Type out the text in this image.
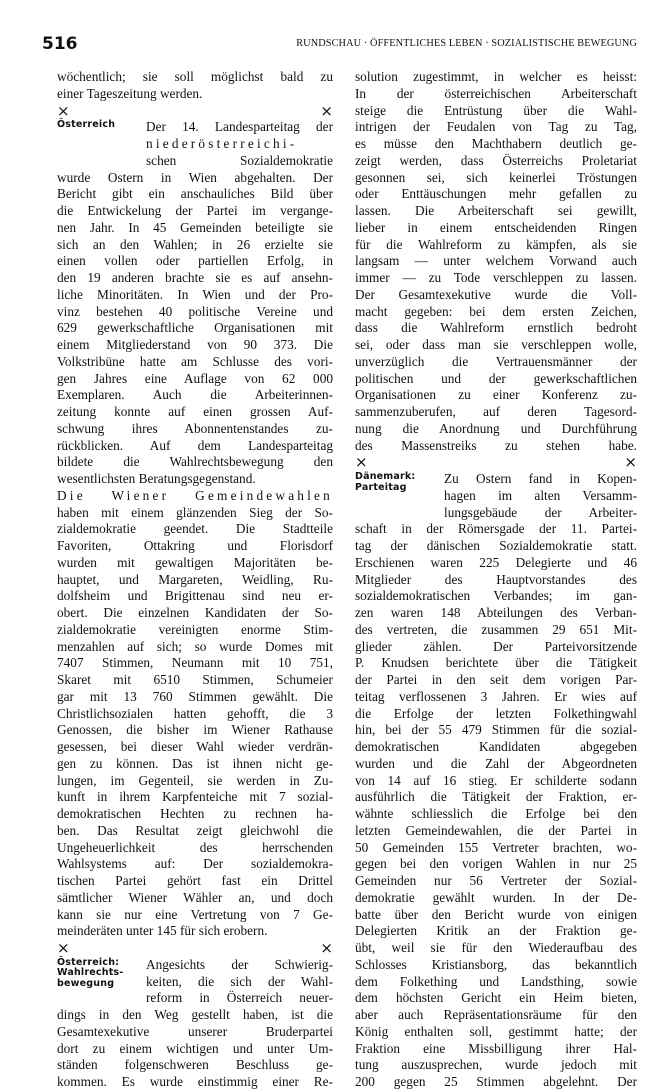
516	RUNDSCHAU · ÖFFENTLICHES LEBEN · SOZIALISTISCHE BEWEGUNG
wöchentlich; sie soll möglichst bald zu
einer Tageszeitung werden.
×	×
Österreich	Der 14. Landesparteitag der
niederösterreichi-
schen Sozialdemokratie
wurde Ostern in Wien abgehalten. Der
Bericht gibt ein anschauliches Bild über
die Entwickelung der Partei im vergange-
nen Jahr. In 45 Gemeinden beteiligte sie
sich an den Wahlen; in 26 erzielte sie
einen vollen oder partiellen Erfolg, in
den 19 anderen brachte sie es auf ansehn-
liche Minoritäten. In Wien und der Pro-
vinz bestehen 40 politische Vereine und
629 gewerkschaftliche Organisationen mit
einem Mitgliederstand von 90 373. Die
Volkstribüne hatte am Schlusse des vori-
gen Jahres eine Auflage von 62 000
Exemplaren. Auch die Arbeiterinnen-
zeitung konnte auf einen grossen Auf-
schwung ihres Abonnentenstandes zu-
rückblicken. Auf dem Landesparteitag
bildete die Wahlrechtsbewegung den
wesentlichsten Beratungsgegenstand.
Die Wiener Gemeindewahlen
haben mit einem glänzenden Sieg der So-
zialdemokratie geendet. Die Stadtteile
Favoriten, Ottakring und Florisdorf
wurden mit gewaltigen Majoritäten be-
hauptet, und Margareten, Weidling, Ru-
dolfsheim und Brigittenau sind neu er-
obert. Die einzelnen Kandidaten der So-
zialdemokratie vereinigten enorme Stim-
menzahlen auf sich; so wurde Domes mit
7407 Stimmen, Neumann mit 10 751,
Skaret mit 6510 Stimmen, Schumeier
gar mit 13 760 Stimmen gewählt. Die
Christlichsozialen hatten gehofft, die 3
Genossen, die bisher im Wiener Rathause
gesessen, bei dieser Wahl wieder verdrän-
gen zu können. Das ist ihnen nicht ge-
lungen, im Gegenteil, sie werden in Zu-
kunft in ihrem Karpfenteiche mit 7 sozial-
demokratischen Hechten zu rechnen ha-
ben. Das Resultat zeigt gleichwohl die
Ungeheuerlichkeit des herrschenden
Wahlsystems auf: Der sozialdemokra-
tischen Partei gehört fast ein Drittel
sämtlicher Wiener Wähler an, und doch
kann sie nur eine Vertretung von 7 Ge-
meinderäten unter 145 für sich erobern.
×	×
Österreich:
Wahlrechts-
bewegung
Angesichts der Schwierig-
keiten, die sich der Wahl-
reform in Österreich neuer-
dings in den Weg gestellt haben, ist die
Gesamtexekutive unserer Bruderpartei
dort zu einem wichtigen und unter Um-
ständen folgenschweren Beschluss ge-
kommen. Es wurde einstimmig einer Re-
solution zugestimmt, in welcher es heisst:
In der österreichischen Arbeiterschaft
steige die Entrüstung über die Wahl-
intrigen der Feudalen von Tag zu Tag,
es müsse den Machthabern deutlich ge-
zeigt werden, dass Österreichs Proletariat
gesonnen sei, sich keinerlei Tröstungen
oder Enttäuschungen mehr gefallen zu
lassen. Die Arbeiterschaft sei gewillt,
lieber in einem entscheidenden Ringen
für die Wahlreform zu kämpfen, als sie
langsam — unter welchem Vorwand auch
immer — zu Tode verschleppen zu lassen.
Der Gesamtexekutive wurde die Voll-
macht gegeben: bei dem ersten Zeichen,
dass die Wahlreform ernstlich bedroht
sei, oder dass man sie verschleppen wolle,
unverzüglich die Vertrauensmänner der
politischen und der gewerkschaftlichen
Organisationen zu einer Konferenz zu-
sammenzuberufen, auf deren Tagesord-
nung die Anordnung und Durchführung
des Massenstreiks zu stehen habe.
×	×
Dänemark:
Parteitag
Zu Ostern fand in Kopen-
hagen im alten Versamm-
lungsgebäude der Arbeiter-
schaft in der Römersgade der 11. Partei-
tag der dänischen Sozialdemokratie statt.
Erschienen waren 225 Delegierte und 46
Mitglieder des Hauptvorstandes des
sozialdemokratischen Verbandes; im gan-
zen waren 148 Abteilungen des Verban-
des vertreten, die zusammen 29 651 Mit-
glieder zählen. Der Parteivorsitzende
P. Knudsen berichtete über die Tätigkeit
der Partei in den seit dem vorigen Par-
teitag verflossenen 3 Jahren. Er wies auf
die Erfolge der letzten Folkethingwahl
hin, bei der 55 479 Stimmen für die sozial-
demokratischen Kandidaten abgegeben
wurden und die Zahl der Abgeordneten
von 14 auf 16 stieg. Er schilderte sodann
ausführlich die Tätigkeit der Fraktion, er-
wähnte schliesslich die Erfolge bei den
letzten Gemeindewahlen, die der Partei in
50 Gemeinden 155 Vertreter brachten, wo-
gegen bei den vorigen Wahlen in nur 25
Gemeinden nur 56 Vertreter der Sozial-
demokratie gewählt wurden. In der De-
batte über den Bericht wurde von einigen
Delegierten Kritik an der Fraktion ge-
übt, weil sie für den Wiederaufbau des
Schlosses Kristiansborg, das bekanntlich
dem Folkething und Landsthing, sowie
dem höchsten Gericht ein Heim bieten,
aber auch Repräsentationsräume für den
König enthalten soll, gestimmt hatte; der
Fraktion eine Missbilligung ihrer Hal-
tung auszusprechen, wurde jedoch mit
200 gegen 25 Stimmen abgelehnt. Der
